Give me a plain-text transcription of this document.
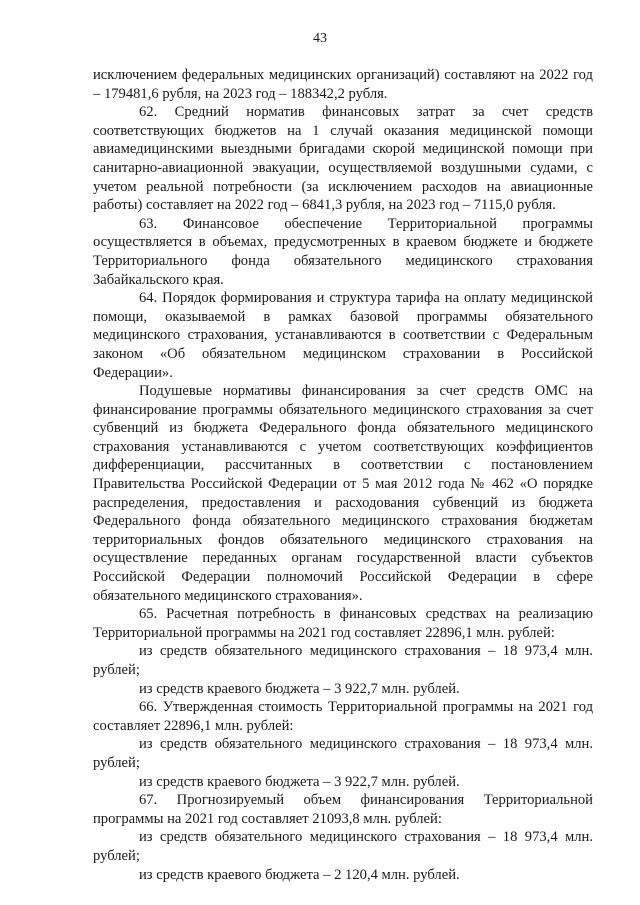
43

исключением федеральных медицинских организаций) составляют на 2022 год – 179481,6 рубля, на 2023 год – 188342,2 рубля.

62. Средний норматив финансовых затрат за счет средств соответствующих бюджетов на 1 случай оказания медицинской помощи авиамедицинскими выездными бригадами скорой медицинской помощи при санитарно-авиационной эвакуации, осуществляемой воздушными судами, с учетом реальной потребности (за исключением расходов на авиационные работы) составляет на 2022 год – 6841,3 рубля, на 2023 год – 7115,0 рубля.

63. Финансовое обеспечение Территориальной программы осуществляется в объемах, предусмотренных в краевом бюджете и бюджете Территориального фонда обязательного медицинского страхования Забайкальского края.

64. Порядок формирования и структура тарифа на оплату медицинской помощи, оказываемой в рамках базовой программы обязательного медицинского страхования, устанавливаются в соответствии с Федеральным законом «Об обязательном медицинском страховании в Российской Федерации».

Подушевые нормативы финансирования за счет средств ОМС на финансирование программы обязательного медицинского страхования за счет субвенций из бюджета Федерального фонда обязательного медицинского страхования устанавливаются с учетом соответствующих коэффициентов дифференциации, рассчитанных в соответствии с постановлением Правительства Российской Федерации от 5 мая 2012 года № 462 «О порядке распределения, предоставления и расходования субвенций из бюджета Федерального фонда обязательного медицинского страхования бюджетам территориальных фондов обязательного медицинского страхования на осуществление переданных органам государственной власти субъектов Российской Федерации полномочий Российской Федерации в сфере обязательного медицинского страхования».

65. Расчетная потребность в финансовых средствах на реализацию Территориальной программы на 2021 год составляет 22896,1 млн. рублей:

из средств обязательного медицинского страхования – 18 973,4 млн. рублей;

из средств краевого бюджета – 3 922,7 млн. рублей.

66. Утвержденная стоимость Территориальной программы на 2021 год составляет 22896,1 млн. рублей:

из средств обязательного медицинского страхования – 18 973,4 млн. рублей;

из средств краевого бюджета – 3 922,7 млн. рублей.

67. Прогнозируемый объем финансирования Территориальной программы на 2021 год составляет 21093,8 млн. рублей:

из средств обязательного медицинского страхования – 18 973,4 млн. рублей;

из средств краевого бюджета – 2 120,4 млн. рублей.
